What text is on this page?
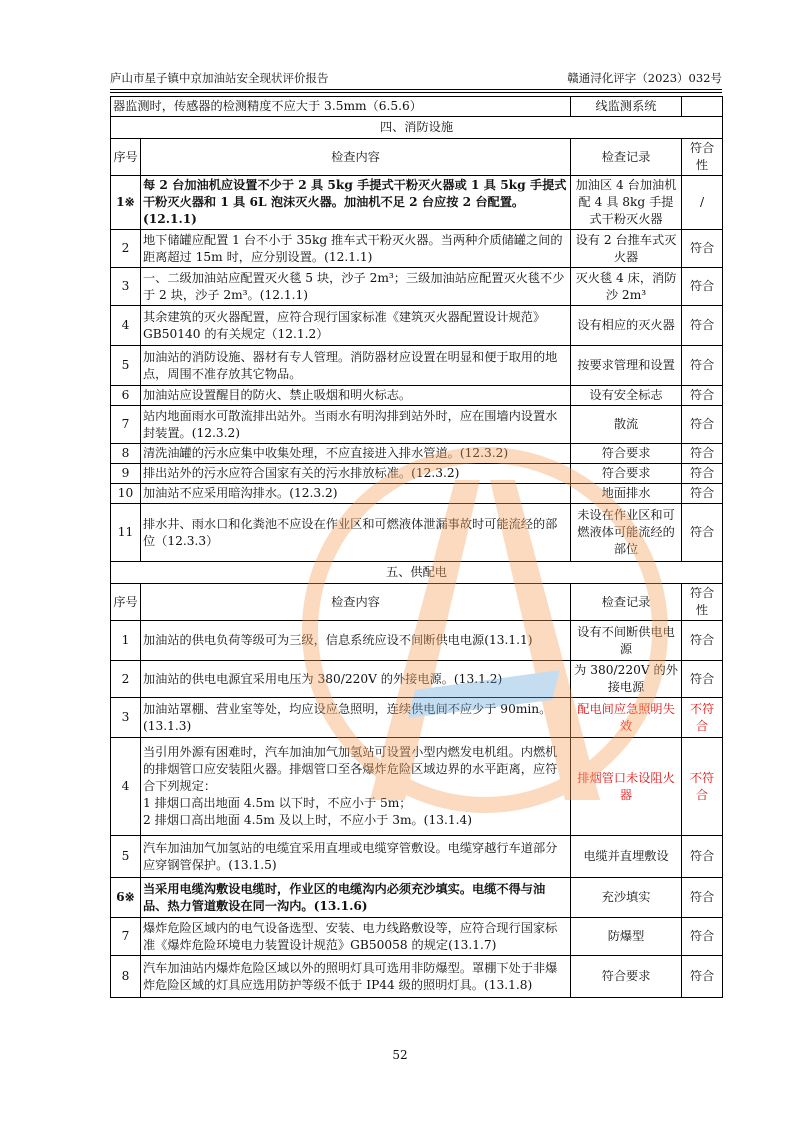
庐山市星子镇中京加油站安全现状评价报告	赣通浔化评字（2023）032号
器监测时，传感器的检测精度不应大于 3.5mm（6.5.6）		线监测系统	
四、消防设施			
序号	检查内容	检查记录	符合性
1※	每 2 台加油机应设置不少于 2 具 5kg 手提式干粉灭火器或 1 具 5kg 手提式干粉灭火器和 1 具 6L 泡沫灭火器。加油机不足 2 台应按 2 台配置。(12.1.1)	加油区 4 台加油机配 4 具 8kg 手提式干粉灭火器	/
2	地下储罐应配置 1 台不小于 35kg 推车式干粉灭火器。当两种介质储罐之间的距离超过 15m 时，应分别设置。(12.1.1)	设有 2 台推车式灭火器	符合
3	一、二级加油站应配置灭火毯 5 块，沙子 2m³；三级加油站应配置灭火毯不少于 2 块，沙子 2m³。(12.1.1)	灭火毯 4 床，消防沙 2m³	符合
4	其余建筑的灭火器配置，应符合现行国家标准《建筑灭火器配置设计规范》GB50140 的有关规定（12.1.2）	设有相应的灭火器	符合
5	加油站的消防设施、器材有专人管理。消防器材应设置在明显和便于取用的地点，周围不准存放其它物品。	按要求管理和设置	符合
6	加油站应设置醒目的防火、禁止吸烟和明火标志。	设有安全标志	符合
7	站内地面雨水可散流排出站外。当雨水有明沟排到站外时，应在围墙内设置水封装置。(12.3.2)	散流	符合
8	清洗油罐的污水应集中收集处理，不应直接进入排水管道。(12.3.2)	符合要求	符合
9	排出站外的污水应符合国家有关的污水排放标准。(12.3.2)	符合要求	符合
10	加油站不应采用暗沟排水。(12.3.2)	地面排水	符合
11	排水井、雨水口和化粪池不应设在作业区和可燃液体泄漏事故时可能流经的部位（12.3.3）	未设在作业区和可燃液体可能流经的部位	符合
五、供配电			
序号	检查内容	检查记录	符合性
1	加油站的供电负荷等级可为三级，信息系统应设不间断供电电源(13.1.1)	设有不间断供电电源	符合
2	加油站的供电电源宜采用电压为 380/220V 的外接电源。(13.1.2)	为 380/220V 的外接电源	符合
3	加油站罩棚、营业室等处，均应设应急照明，连续供电间不应少于 90min。(13.1.3)	配电间应急照明失效	不符合
4	当引用外源有困难时，汽车加油加气加氢站可设置小型内燃发电机组。内燃机的排烟管口应安装阻火器。排烟管口至各爆炸危险区域边界的水平距离，应符合下列规定：
1 排烟口高出地面 4.5m 以下时，不应小于 5m；
2 排烟口高出地面 4.5m 及以上时，不应小于 3m。(13.1.4)	排烟管口未设阻火器	不符合
5	汽车加油加气加氢站的电缆宜采用直埋或电缆穿管敷设。电缆穿越行车道部分应穿钢管保护。(13.1.5)	电缆并直埋敷设	符合
6※	当采用电缆沟敷设电缆时，作业区的电缆沟内必须充沙填实。电缆不得与油品、热力管道敷设在同一沟内。(13.1.6)	充沙填实	符合
7	爆炸危险区域内的电气设备选型、安装、电力线路敷设等，应符合现行国家标准《爆炸危险环境电力装置设计规范》GB50058 的规定(13.1.7)	防爆型	符合
8	汽车加油站内爆炸危险区域以外的照明灯具可选用非防爆型。罩棚下处于非爆炸危险区域的灯具应选用防护等级不低于 IP44 级的照明灯具。(13.1.8)	符合要求	符合
52
